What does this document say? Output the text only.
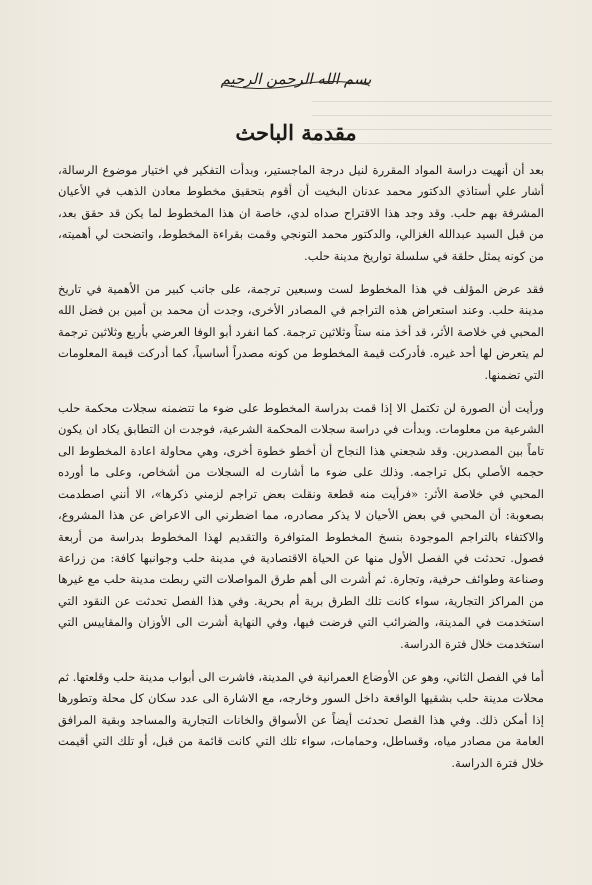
بسم الله الرحمن الرحيم
مقدمة الباحث

بعد أن أنهيت دراسة المواد المقررة لنيل درجة الماجستير، وبدأت التفكير في اختيار موضوع الرسالة، أشار علي أستاذي الدكتور محمد عدنان البخيت أن أقوم بتحقيق مخطوط معادن الذهب في الأعيان المشرفة بهم حلب. وقد وجد هذا الاقتراح صداه لدي، خاصة ان هذا المخطوط لما يكن قد حقق بعد، من قبل السيد عبدالله الغزالي، والدكتور محمد التونجي وقمت بقراءة المخطوط، واتضحت لي أهميته، من كونه يمثل حلقة في سلسلة تواريخ مدينة حلب.

فقد عرض المؤلف في هذا المخطوط لست وسبعين ترجمة، على جانب كبير من الأهمية في تاريخ مدينة حلب. وعند استعراض هذه التراجم في المصادر الأخرى، وجدت أن محمد بن أمين بن فضل الله المحبي في خلاصة الأثر، قد أخذ منه ستاً وثلاثين ترجمة. كما انفرد أبو الوفا العرضي بأربع وثلاثين ترجمة لم يتعرض لها أحد غيره. فأدركت قيمة المخطوط من كونه مصدراً أساسياً، كما أدركت قيمة المعلومات التي تضمنها.

ورأيت أن الصورة لن تكتمل الا إذا قمت بدراسة المخطوط على ضوء ما تتضمنه سجلات محكمة حلب الشرعية من معلومات. وبدأت في دراسة سجلات المحكمة الشرعية، فوجدت ان التطابق يكاد ان يكون تاماً بين المصدرين. وقد شجعني هذا النجاح أن أخطو خطوة أخرى، وهي محاولة اعادة المخطوط الى حجمه الأصلي بكل تراجمه. وذلك على ضوء ما أشارت له السجلات من أشخاص، وعلى ما أورده المحبي في خلاصة الأثر: «فرأيت منه قطعة ونقلت بعض تراجم لزمني ذكرها»، الا أنني اصطدمت بصعوبة: أن المحبي في بعض الأحيان لا يذكر مصادره، مما اضطرني الى الاعراض عن هذا المشروع، والاكتفاء بالتراجم الموجودة بنسخ المخطوط المتوافرة والتقديم لهذا المخطوط بدراسة من أربعة فصول. تحدثت في الفصل الأول منها عن الحياة الاقتصادية في مدينة حلب وجوانبها كافة: من زراعة وصناعة وطوائف حرفية، وتجارة. ثم أشرت الى أهم طرق المواصلات التي ربطت مدينة حلب مع غيرها من المراكز التجارية، سواء كانت تلك الطرق برية أم بحرية. وفي هذا الفصل تحدثت عن النقود التي استخدمت في المدينة، والضرائب التي فرضت فيها، وفي النهاية أشرت الى الأوزان والمقاييس التي استخدمت خلال فترة الدراسة.

أما في الفصل الثاني، وهو عن الأوضاع العمرانية في المدينة، فاشرت الى أبواب مدينة حلب وقلعتها. ثم محلات مدينة حلب بشقيها الواقعة داخل السور وخارجه، مع الاشارة الى عدد سكان كل محلة وتطورها إذا أمكن ذلك. وفي هذا الفصل تحدثت أيضاً عن الأسواق والخانات التجارية والمساجد وبقية المرافق العامة من مصادر مياه، وقساطل، وحمامات، سواء تلك التي كانت قائمة من قبل، أو تلك التي أقيمت خلال فترة الدراسة.
